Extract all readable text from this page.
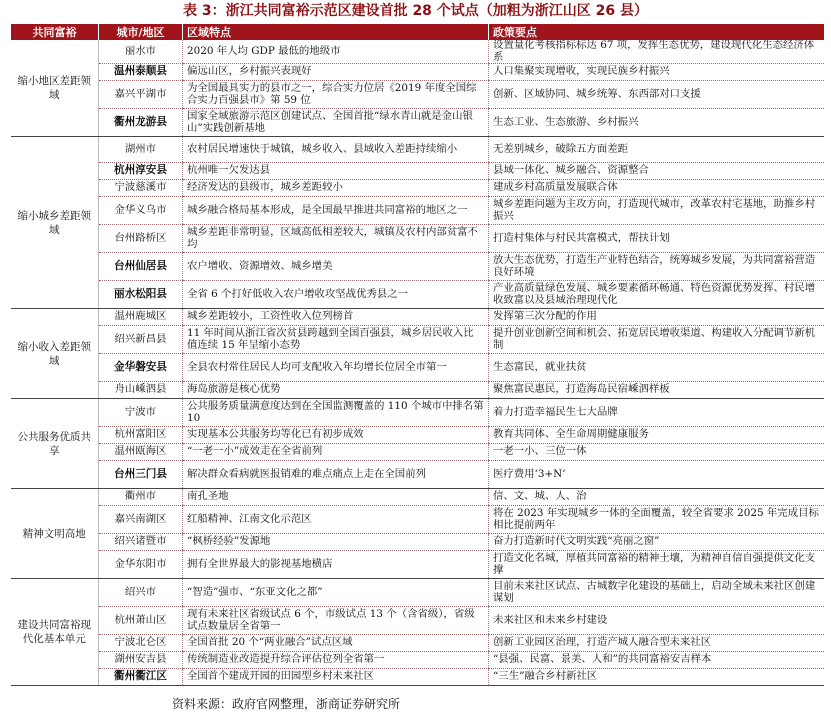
表 3：浙江共同富裕示范区建设首批 28 个试点（加粗为浙江山区 26 县）
共同富裕	城市/地区	区域特点	政策要点
缩小地区差距领域	丽水市	2020 年人均 GDP 最低的地级市	设置量化考核指标标达 67 项，发挥生态优势，建设现代化生态经济体系
	温州泰顺县	偏远山区，乡村振兴表现好	人口集聚实现增收，实现民族乡村振兴
	嘉兴平湖市	为全国最具实力的县市之一，综合实力位居《2019 年度全国综合实力百强县市》第 59 位	创新、区域协同、城乡统筹、东西部对口支援
	衢州龙游县	国家全域旅游示范区创建试点、全国首批“绿水青山就是金山银山”实践创新基地	生态工业、生态旅游、乡村振兴
缩小城乡差距领域	湖州市	农村居民增速快于城镇，城乡收入、县域收入差距持续缩小	无差别城乡，破除五方面差距
	杭州淳安县	杭州唯一欠发达县	县域一体化、城乡融合、资源整合
	宁波慈溪市	经济发达的县级市，城乡差距较小	建成乡村高质量发展联合体
	金华义乌市	城乡融合格局基本形成，是全国最早推进共同富裕的地区之一	城乡差距问题为主攻方向，打造现代城市，改革农村宅基地，助推乡村振兴
	台州路桥区	城乡差距非常明显，区域高低相差较大，城镇及农村内部贫富不均	打造村集体与村民共富模式，帮扶计划
	台州仙居县	农户增收、资源增效、城乡增美	放大生态优势，打造生产业特色结合，统筹城乡发展，为共同富裕营造良好环境
	丽水松阳县	全省 6 个打好低收入农户增收攻坚战优秀县之一	产业高质量绿色发展、城乡要素循环畅通、特色资源优势发挥、村民增收致富以及县域治理现代化
缩小收入差距领域	温州鹿城区	城乡差距较小，工资性收入位列榜首	发挥第三次分配的作用
	绍兴新昌县	11 年时间从浙江省次贫县跨越到全国百强县，城乡居民收入比值连续 15 年呈缩小态势	提升创业创新空间和机会、拓宽居民增收渠道、构建收入分配调节新机制
	金华磐安县	全县农村常住居民人均可支配收入年均增长位居全市第一	生态富民，就业扶贫
	舟山嵊泗县	海岛旅游是核心优势	聚焦富民惠民，打造海岛民宿嵊泗样板
公共服务优质共享	宁波市	公共服务质量满意度达到在全国监测覆盖的 110 个城市中排名第 10	着力打造幸福民生七大品牌
	杭州富阳区	实现基本公共服务均等化已有初步成效	教育共同体、全生命周期健康服务
	温州瓯海区	“一老一小”成效走在全省前列	一老一小、三位一体
	台州三门县	解决群众看病就医报销难的难点痛点上走在全国前列	医疗费用‘3+N’
精神文明高地	衢州市	南孔圣地	信、文、城、人、治
	嘉兴南湖区	红船精神、江南文化示范区	将在 2023 年实现城乡一体的全面覆盖，较全省要求 2025 年完成目标相比提前两年
	绍兴诸暨市	“枫桥经验”发源地	奋力打造新时代文明实践“亮丽之窗”
	金华东阳市	拥有全世界最大的影视基地横店	打造文化名城，厚植共同富裕的精神土壤，为精神自信自强提供文化支撑
建设共同富裕现代化基本单元	绍兴市	“智造”强市、“东亚文化之都”	目前未来社区试点、古城数字化建设的基础上，启动全域未来社区创建谋划
	杭州萧山区	现有未来社区省级试点 6 个，市级试点 13 个（含省级），省级试点数量居全省第一	未来社区和未来乡村建设
	宁波北仑区	全国首批 20 个“两业融合”试点区域	创新工业园区治理，打造产城人融合型未来社区
	湖州安吉县	传统制造业改造提升综合评估位列全省第一	“县强、民富、景美、人和”的共同富裕安吉样本
	衢州衢江区	全国首个建成开园的田园型乡村未来社区	“三生”融合乡村新社区
资料来源：政府官网整理，浙商证券研究所
